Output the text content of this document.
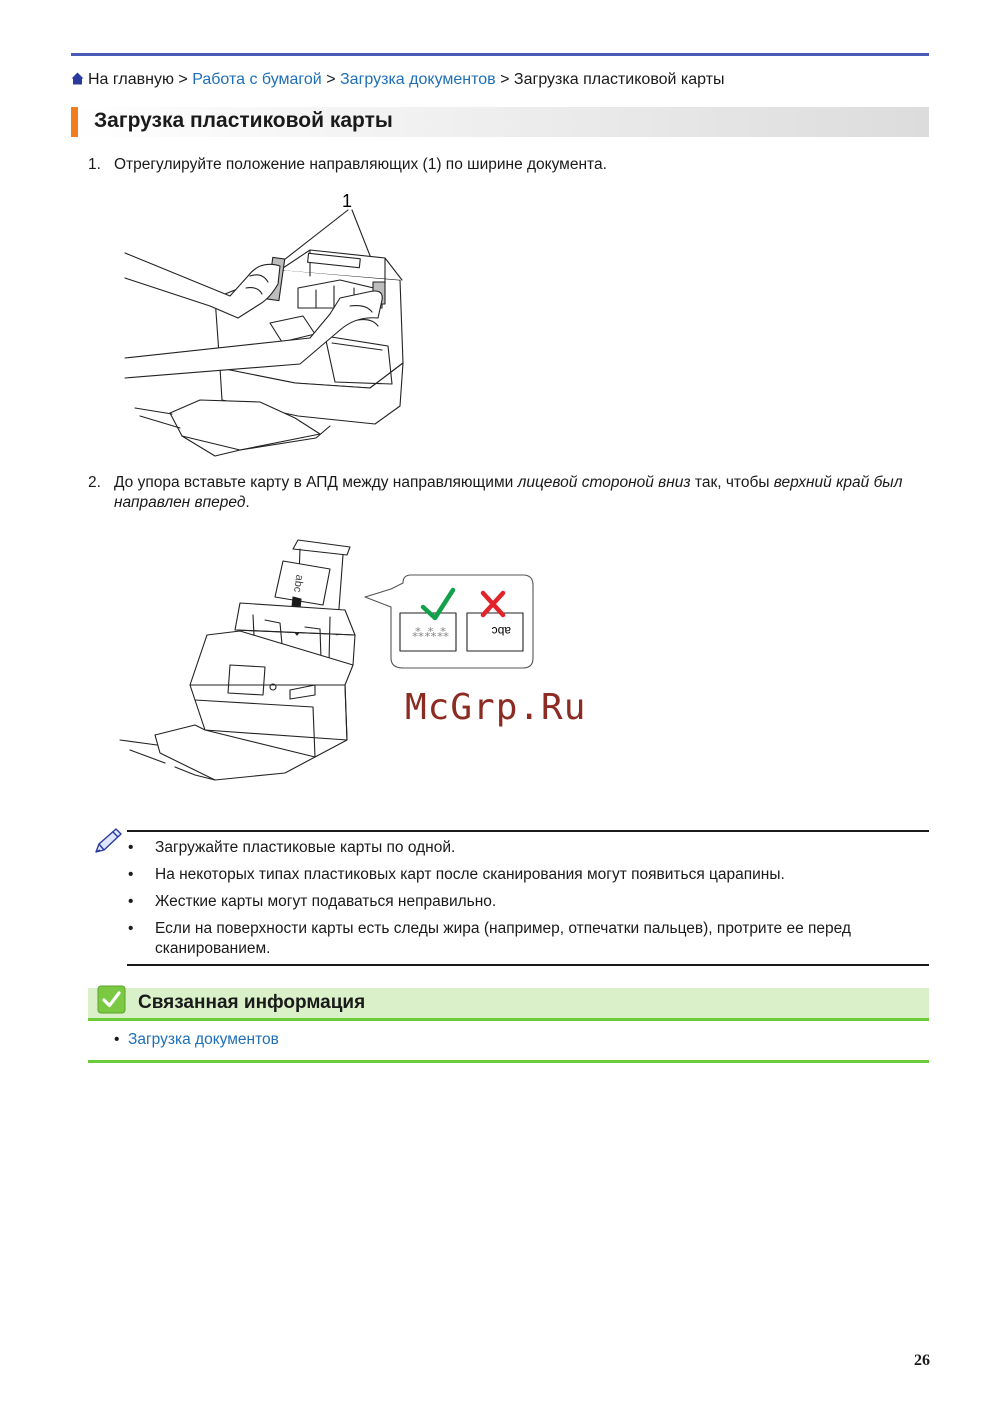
На главную > Работа с бумагой > Загрузка документов > Загрузка пластиковой карты
Загрузка пластиковой карты
1. Отрегулируйте положение направляющих (1) по ширине документа.
1
2. До упора вставьте карту в АПД между направляющими лицевой стороной вниз так, чтобы верхний край был направлен вперед.
abc
⁂⁂⁂	abc
McGrp.Ru
• Загружайте пластиковые карты по одной.
• На некоторых типах пластиковых карт после сканирования могут появиться царапины.
• Жесткие карты могут подаваться неправильно.
• Если на поверхности карты есть следы жира (например, отпечатки пальцев), протрите ее перед сканированием.
Связанная информация
•  Загрузка документов
26
